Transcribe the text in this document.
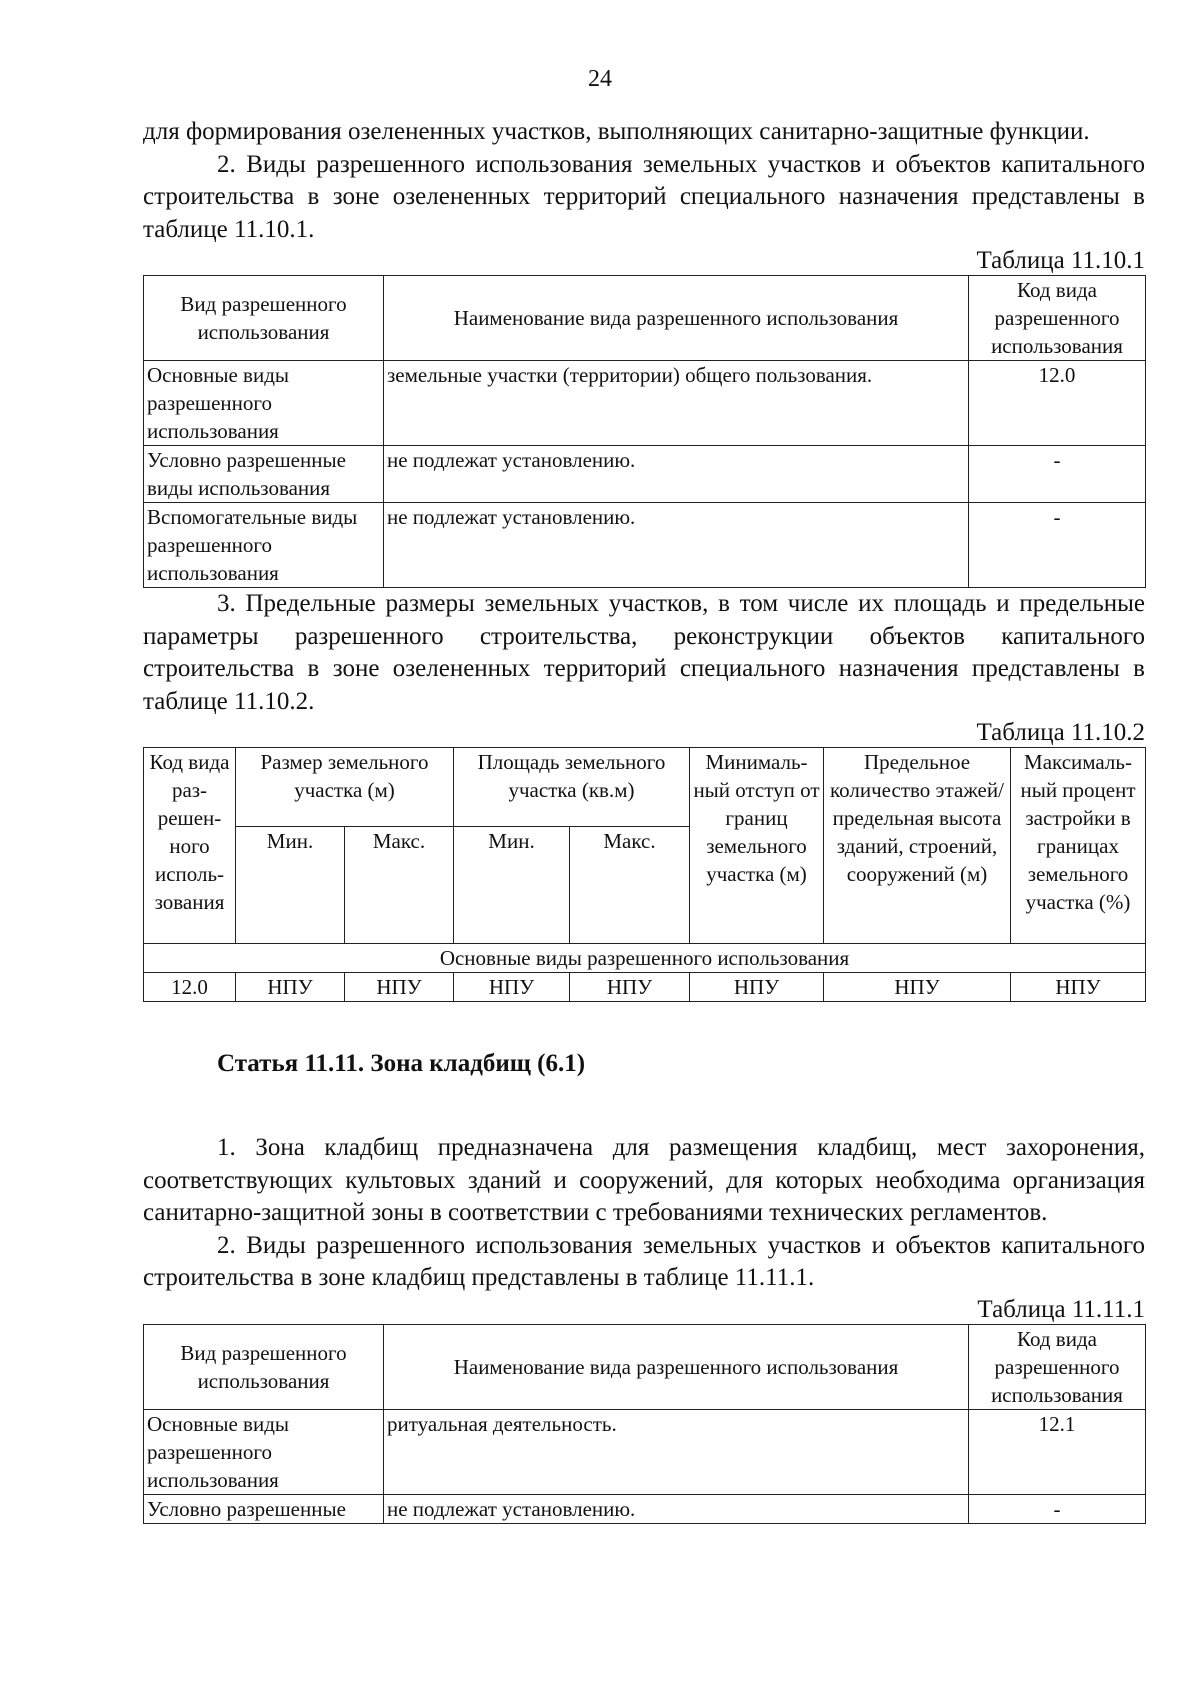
24

для формирования озелененных участков, выполняющих санитарно-защитные функции.

2. Виды разрешенного использования земельных участков и объектов капитального строительства в зоне озелененных территорий специального назначения представлены в таблице 11.10.1.

Таблица 11.10.1
Вид разрешенного использования	Наименование вида разрешенного использования	Код вида разрешенного использования
Основные виды разрешенного использования	земельные участки (территории) общего пользования.	12.0
Условно разрешенные виды использования	не подлежат установлению.	-
Вспомогательные виды разрешенного использования	не подлежат установлению.	-

3. Предельные размеры земельных участков, в том числе их площадь и предельные параметры разрешенного строительства, реконструкции объектов капитального строительства в зоне озелененных территорий специального назначения представлены в таблице 11.10.2.

Таблица 11.10.2
Код вида раз-решен-ного исполь-зования	Размер земельного участка (м)		Площадь земельного участка (кв.м)		Минималь-ный отступ от границ земельного участка (м)	Предельное количество этажей/ предельная высота зданий, строений, сооружений (м)	Максималь-ный процент застройки в границах земельного участка (%)
	Мин.	Макс.	Мин.	Макс.			
Основные виды разрешенного использования							
12.0	НПУ	НПУ	НПУ	НПУ	НПУ	НПУ	НПУ
Статья 11.11. Зона кладбищ (6.1)

1. Зона кладбищ предназначена для размещения кладбищ, мест захоронения, соответствующих культовых зданий и сооружений, для которых необходима организация санитарно-защитной зоны в соответствии с требованиями технических регламентов.

2. Виды разрешенного использования земельных участков и объектов капитального строительства в зоне кладбищ представлены в таблице 11.11.1.

Таблица 11.11.1
Вид разрешенного использования	Наименование вида разрешенного использования	Код вида разрешенного использования
Основные виды разрешенного использования	ритуальная деятельность.	12.1
Условно разрешенные	не подлежат установлению.	-
